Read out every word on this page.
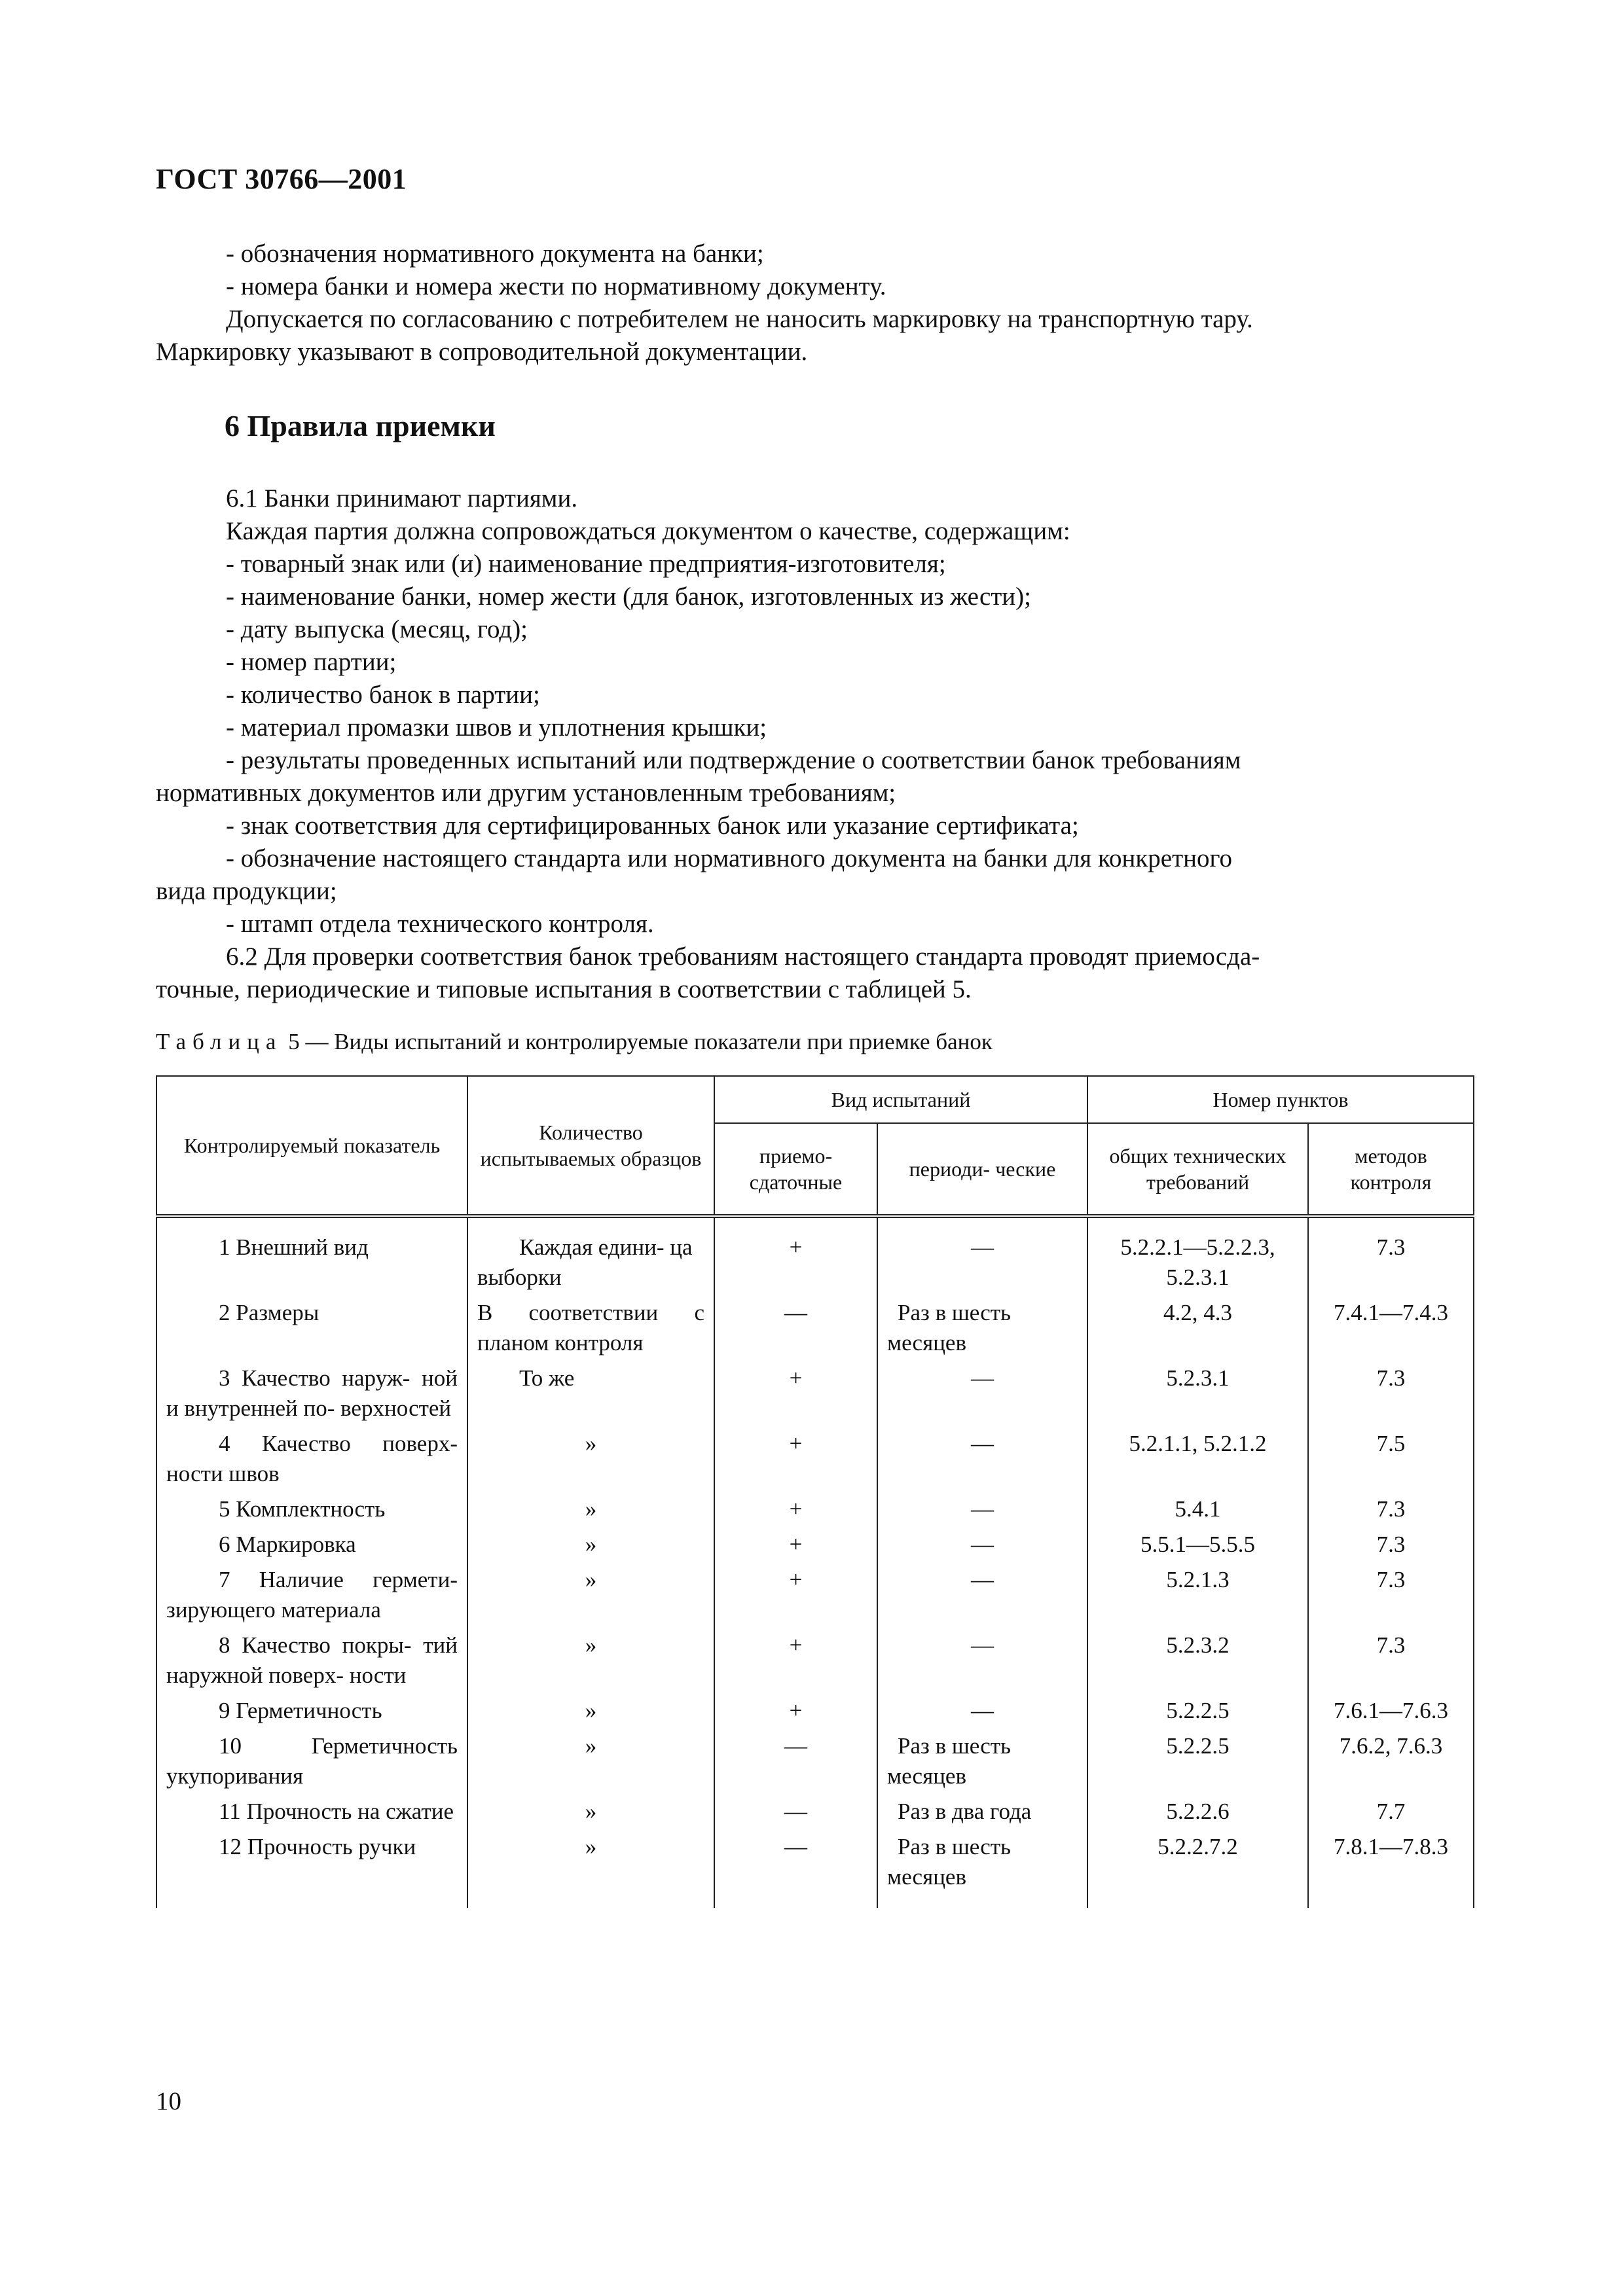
ГОСТ 30766—2001
- обозначения нормативного документа на банки;
- номера банки и номера жести по нормативному документу.
Допускается по согласованию с потребителем не наносить маркировку на транспортную тару.
Маркировку указывают в сопроводительной документации.
6 Правила приемки
6.1 Банки принимают партиями.
Каждая партия должна сопровождаться документом о качестве, содержащим:
- товарный знак или (и) наименование предприятия-изготовителя;
- наименование банки, номер жести (для банок, изготовленных из жести);
- дату выпуска (месяц, год);
- номер партии;
- количество банок в партии;
- материал промазки швов и уплотнения крышки;
- результаты проведенных испытаний или подтверждение о соответствии банок требованиям
нормативных документов или другим установленным требованиям;
- знак соответствия для сертифицированных банок или указание сертификата;
- обозначение настоящего стандарта или нормативного документа на банки для конкретного
вида продукции;
- штамп отдела технического контроля.
6.2 Для проверки соответствия банок требованиям настоящего стандарта проводят приемосда-
точные, периодические и типовые испытания в соответствии с таблицей 5.
Таблица 5 — Виды испытаний и контролируемые показатели при приемке банок
Контролируемый показатель	Количество испытываемых образцов	Вид испытаний		Номер пунктов	
		приемо- сдаточные	периоди- ческие	общих технических требований	методов контроля
1 Внешний вид	Каждая едини- ца выборки	+	—	5.2.2.1—5.2.2.3, 5.2.3.1	7.3
2 Размеры	В соответствии с планом контроля	—	Раз в шесть месяцев	4.2, 4.3	7.4.1—7.4.3
3 Качество наруж- ной и внутренней по- верхностей	То же	+	—	5.2.3.1	7.3
4 Качество поверх- ности швов	»	+	—	5.2.1.1, 5.2.1.2	7.5
5 Комплектность	»	+	—	5.4.1	7.3
6 Маркировка	»	+	—	5.5.1—5.5.5	7.3
7 Наличие гермети- зирующего материала	»	+	—	5.2.1.3	7.3
8 Качество покры- тий наружной поверх- ности	»	+	—	5.2.3.2	7.3
9 Герметичность	»	+	—	5.2.2.5	7.6.1—7.6.3
10 Герметичность укупоривания	»	—	Раз в шесть месяцев	5.2.2.5	7.6.2, 7.6.3
11 Прочность на сжатие	»	—	Раз в два года	5.2.2.6	7.7
12 Прочность ручки	»	—	Раз в шесть месяцев	5.2.2.7.2	7.8.1—7.8.3
10
